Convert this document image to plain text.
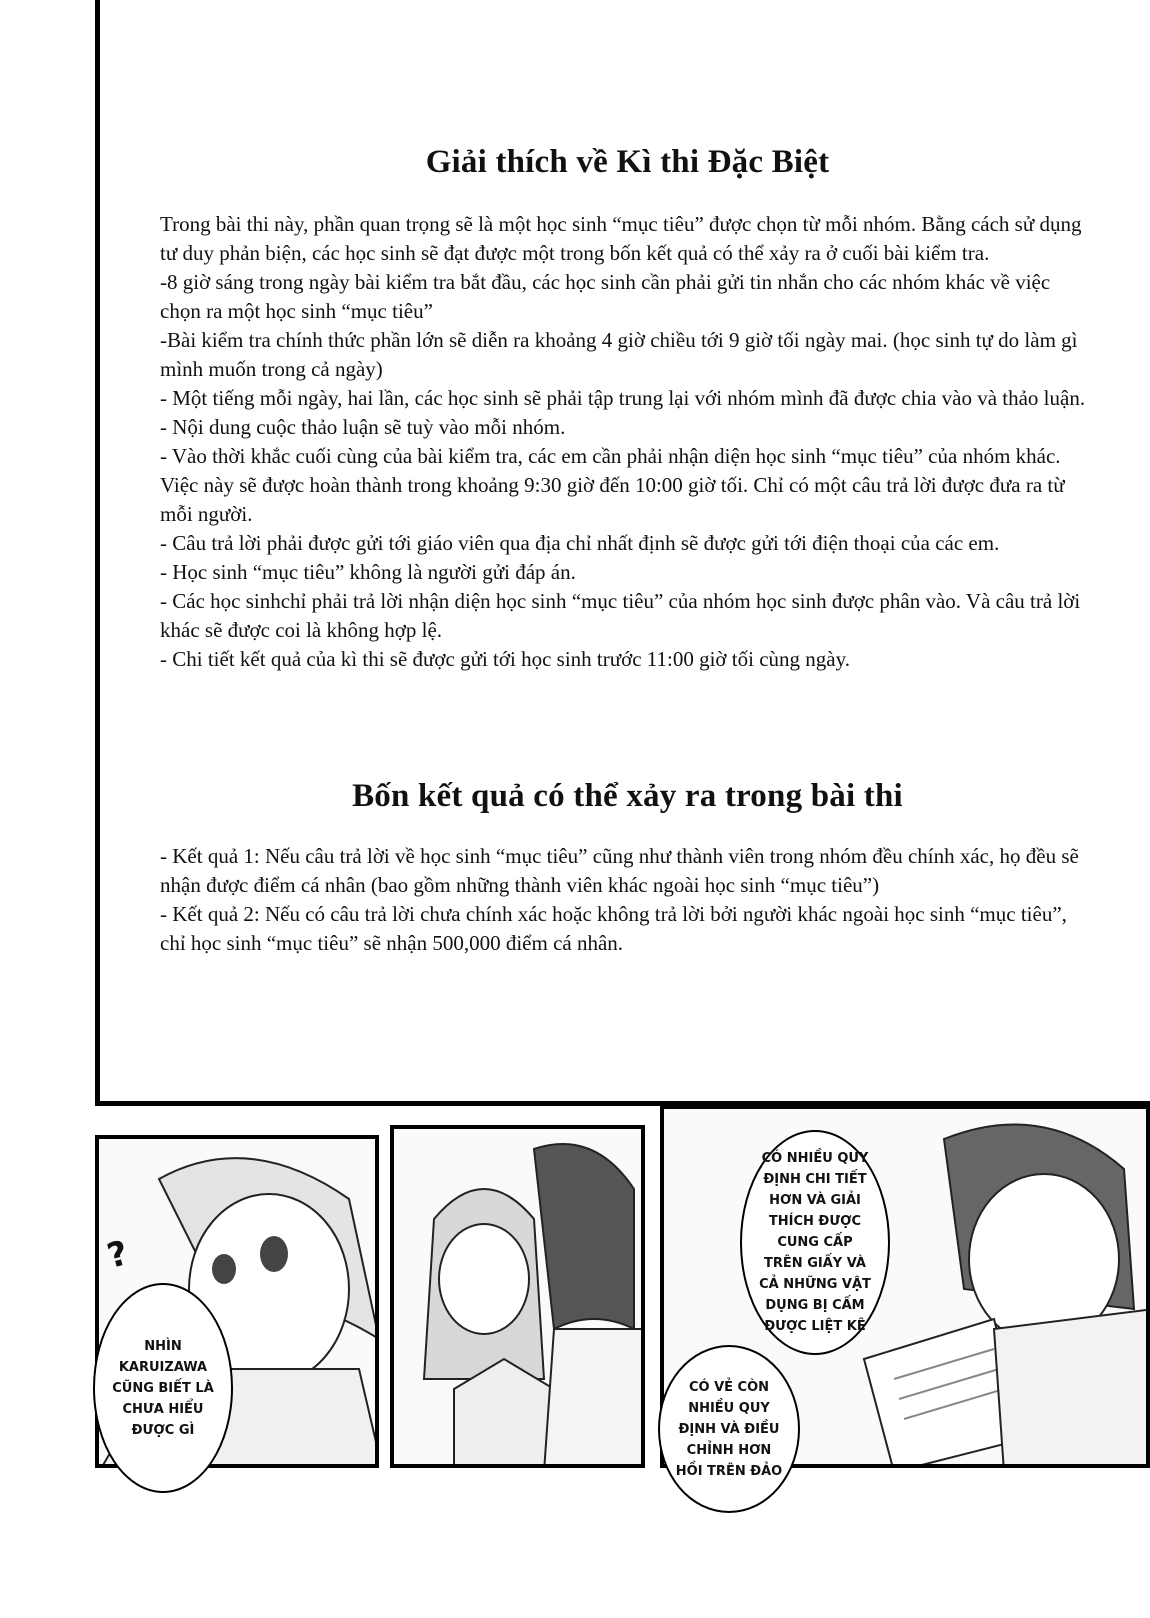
Giải thích về Kì thi Đặc Biệt

Trong bài thi này, phần quan trọng sẽ là một học sinh “mục tiêu” được chọn từ mỗi nhóm. Bằng cách sử dụng tư duy phản biện, các học sinh sẽ đạt được một trong bốn kết quả có thể xảy ra ở cuối bài kiểm tra.

-8 giờ sáng trong ngày bài kiểm tra bắt đầu, các học sinh cần phải gửi tin nhắn cho các nhóm khác về việc chọn ra một học sinh “mục tiêu”

-Bài kiểm tra chính thức phần lớn sẽ diễn ra khoảng 4 giờ chiều tới 9 giờ tối ngày mai. (học sinh tự do làm gì mình muốn trong cả ngày)

- Một tiếng mỗi ngày, hai lần, các học sinh sẽ phải tập trung lại với nhóm mình đã được chia vào và thảo luận.

- Nội dung cuộc thảo luận sẽ tuỳ vào mỗi nhóm.

- Vào thời khắc cuối cùng của bài kiểm tra, các em cần phải nhận diện học sinh “mục tiêu” của nhóm khác. Việc này sẽ được hoàn thành trong khoảng 9:30 giờ đến 10:00 giờ tối. Chỉ có một câu trả lời được đưa ra từ mỗi người.

- Câu trả lời phải được gửi tới giáo viên qua địa chỉ nhất định sẽ được gửi tới điện thoại của các em.

- Học sinh “mục tiêu” không là người gửi đáp án.

- Các học sinhchỉ phải trả lời nhận diện học sinh “mục tiêu” của nhóm học sinh được phân vào. Và câu trả lời khác sẽ được coi là không hợp lệ.

- Chi tiết kết quả của kì thi sẽ được gửi tới học sinh trước 11:00 giờ tối cùng ngày.

Bốn kết quả có thể xảy ra trong bài thi

- Kết quả 1: Nếu câu trả lời về học sinh “mục tiêu” cũng như thành viên trong nhóm đều chính xác, họ đều sẽ nhận được điểm cá nhân (bao gồm những thành viên khác ngoài học sinh “mục tiêu”)

- Kết quả 2: Nếu có câu trả lời chưa chính xác hoặc không trả lời bởi người khác ngoài học sinh “mục tiêu”, chỉ học sinh “mục tiêu” sẽ nhận 500,000 điểm cá nhân.

?
NHÌN
KARUIZAWA
CŨNG BIẾT LÀ
CHƯA HIỂU
ĐƯỢC GÌ
CÓ NHIỀU QUY
ĐỊNH CHI TIẾT
HƠN VÀ GIẢI
THÍCH ĐƯỢC
CUNG CẤP
TRÊN GIẤY VÀ
CẢ NHỮNG VẬT
DỤNG BỊ CẤM
ĐƯỢC LIỆT KÊ
CÓ VẺ CÒN
NHIỀU QUY
ĐỊNH VÀ ĐIỀU
CHỈNH HƠN
HỒI TRÊN ĐẢO
